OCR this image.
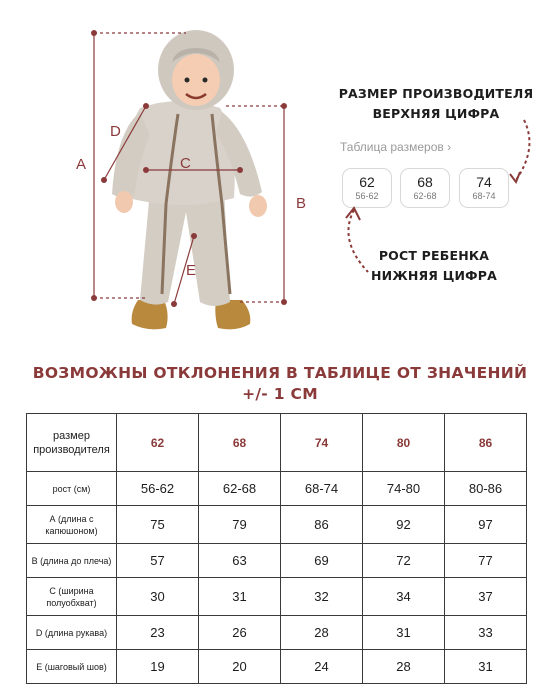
A
B
C
D
E
РАЗМЕР ПРОИЗВОДИТЕЛЯ
ВЕРХНЯЯ ЦИФРА
Таблица размеров ›
62
56-62
68
62-68
74
68-74
РОСТ РЕБЕНКА
НИЖНЯЯ ЦИФРА
ВОЗМОЖНЫ ОТКЛОНЕНИЯ В ТАБЛИЦЕ ОТ ЗНАЧЕНИЙ
+/- 1 СМ
размер производителя	62	68	74	80	86
рост (см)	56-62	62-68	68-74	74-80	80-86
А (длина с капюшоном)	75	79	86	92	97
В (длина до плеча)	57	63	69	72	77
С (ширина полуобхват)	30	31	32	34	37
D (длина рукава)	23	26	28	31	33
Е (шаговый шов)	19	20	24	28	31
